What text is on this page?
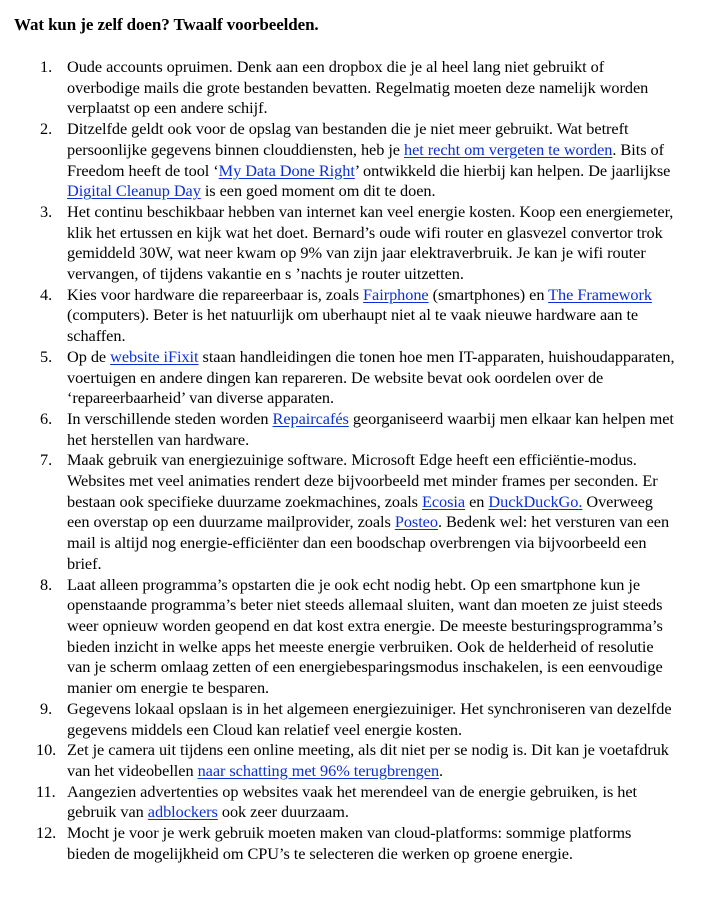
Wat kun je zelf doen? Twaalf voorbeelden.
1. Oude accounts opruimen. Denk aan een dropbox die je al heel lang niet gebruikt of overbodige mails die grote bestanden bevatten. Regelmatig moeten deze namelijk worden verplaatst op een andere schijf.
2. Ditzelfde geldt ook voor de opslag van bestanden die je niet meer gebruikt. Wat betreft persoonlijke gegevens binnen clouddiensten, heb je het recht om vergeten te worden. Bits of Freedom heeft de tool ‘My Data Done Right’ ontwikkeld die hierbij kan helpen. De jaarlijkse Digital Cleanup Day is een goed moment om dit te doen.
3. Het continu beschikbaar hebben van internet kan veel energie kosten. Koop een energiemeter, klik het ertussen en kijk wat het doet. Bernard’s oude wifi router en glasvezel convertor trok gemiddeld 30W, wat neer kwam op 9% van zijn jaar elektraverbruik. Je kan je wifi router vervangen, of tijdens vakantie en s ’nachts je router uitzetten.
4. Kies voor hardware die repareerbaar is, zoals Fairphone (smartphones) en The Framework (computers). Beter is het natuurlijk om uberhaupt niet al te vaak nieuwe hardware aan te schaffen.
5. Op de website iFixit staan handleidingen die tonen hoe men IT-apparaten, huishoudapparaten, voertuigen en andere dingen kan repareren. De website bevat ook oordelen over de ‘repareerbaarheid’ van diverse apparaten.
6. In verschillende steden worden Repaircafés georganiseerd waarbij men elkaar kan helpen met het herstellen van hardware.
7. Maak gebruik van energiezuinige software. Microsoft Edge heeft een efficiëntie-modus. Websites met veel animaties rendert deze bijvoorbeeld met minder frames per seconden. Er bestaan ook specifieke duurzame zoekmachines, zoals Ecosia en DuckDuckGo. Overweeg een overstap op een duurzame mailprovider, zoals Posteo. Bedenk wel: het versturen van een mail is altijd nog energie-efficiënter dan een boodschap overbrengen via bijvoorbeeld een brief.
8. Laat alleen programma’s opstarten die je ook echt nodig hebt. Op een smartphone kun je openstaande programma’s beter niet steeds allemaal sluiten, want dan moeten ze juist steeds weer opnieuw worden geopend en dat kost extra energie. De meeste besturingsprogramma’s bieden inzicht in welke apps het meeste energie verbruiken. Ook de helderheid of resolutie van je scherm omlaag zetten of een energiebesparingsmodus inschakelen, is een eenvoudige manier om energie te besparen.
9. Gegevens lokaal opslaan is in het algemeen energiezuiniger. Het synchroniseren van dezelfde gegevens middels een Cloud kan relatief veel energie kosten.
10. Zet je camera uit tijdens een online meeting, als dit niet per se nodig is. Dit kan je voetafdruk van het videobellen naar schatting met 96% terugbrengen.
11. Aangezien advertenties op websites vaak het merendeel van de energie gebruiken, is het gebruik van adblockers ook zeer duurzaam.
12. Mocht je voor je werk gebruik moeten maken van cloud-platforms: sommige platforms bieden de mogelijkheid om CPU’s te selecteren die werken op groene energie.
